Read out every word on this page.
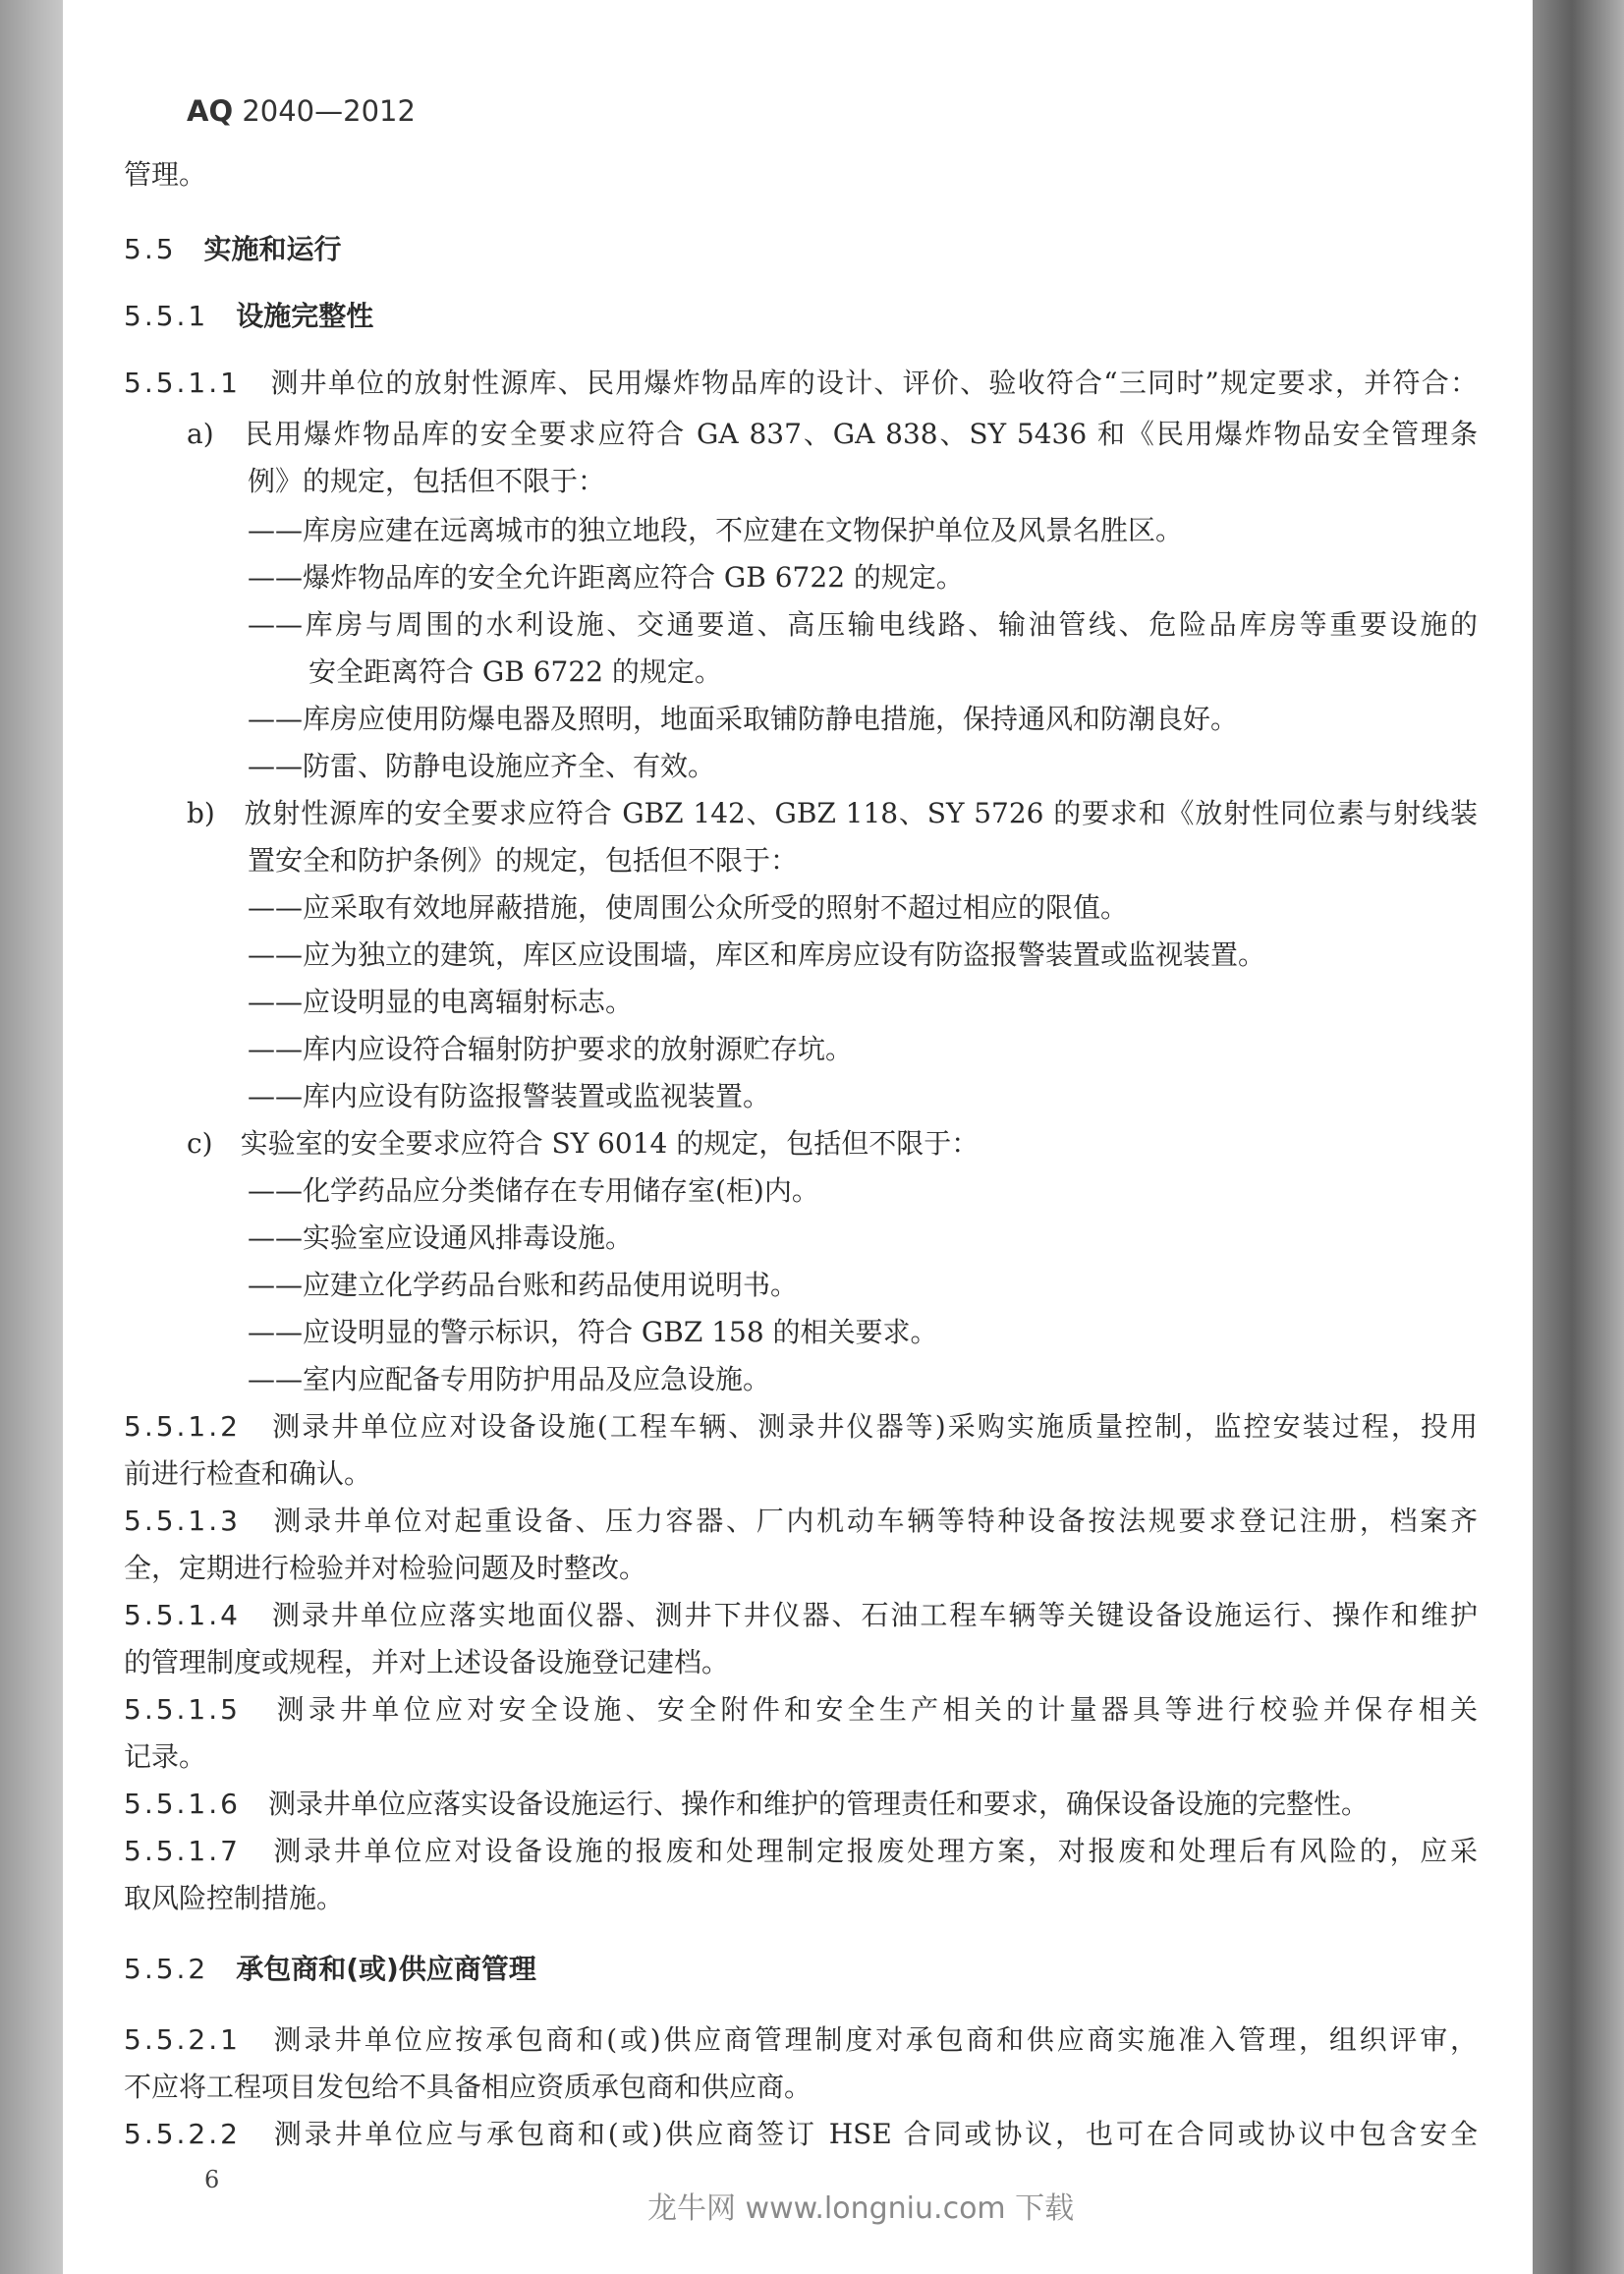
AQ 2040—2012
管理。
5.5　实施和运行
5.5.1　设施完整性
5.5.1.1　测井单位的放射性源库、民用爆炸物品库的设计、评价、验收符合“三同时”规定要求，并符合：
a)　民用爆炸物品库的安全要求应符合 GA 837、GA 838、SY 5436 和《民用爆炸物品安全管理条
例》的规定，包括但不限于：
——库房应建在远离城市的独立地段，不应建在文物保护单位及风景名胜区。
——爆炸物品库的安全允许距离应符合 GB 6722 的规定。
——库房与周围的水利设施、交通要道、高压输电线路、输油管线、危险品库房等重要设施的
安全距离符合 GB 6722 的规定。
——库房应使用防爆电器及照明，地面采取铺防静电措施，保持通风和防潮良好。
——防雷、防静电设施应齐全、有效。
b)　放射性源库的安全要求应符合 GBZ 142、GBZ 118、SY 5726 的要求和《放射性同位素与射线装
置安全和防护条例》的规定，包括但不限于：
——应采取有效地屏蔽措施，使周围公众所受的照射不超过相应的限值。
——应为独立的建筑，库区应设围墙，库区和库房应设有防盗报警装置或监视装置。
——应设明显的电离辐射标志。
——库内应设符合辐射防护要求的放射源贮存坑。
——库内应设有防盗报警装置或监视装置。
c)　实验室的安全要求应符合 SY 6014 的规定，包括但不限于：
——化学药品应分类储存在专用储存室(柜)内。
——实验室应设通风排毒设施。
——应建立化学药品台账和药品使用说明书。
——应设明显的警示标识，符合 GBZ 158 的相关要求。
——室内应配备专用防护用品及应急设施。
5.5.1.2　测录井单位应对设备设施(工程车辆、测录井仪器等)采购实施质量控制，监控安装过程，投用
前进行检查和确认。
5.5.1.3　测录井单位对起重设备、压力容器、厂内机动车辆等特种设备按法规要求登记注册，档案齐
全，定期进行检验并对检验问题及时整改。
5.5.1.4　测录井单位应落实地面仪器、测井下井仪器、石油工程车辆等关键设备设施运行、操作和维护
的管理制度或规程，并对上述设备设施登记建档。
5.5.1.5　测录井单位应对安全设施、安全附件和安全生产相关的计量器具等进行校验并保存相关
记录。
5.5.1.6　测录井单位应落实设备设施运行、操作和维护的管理责任和要求，确保设备设施的完整性。
5.5.1.7　测录井单位应对设备设施的报废和处理制定报废处理方案，对报废和处理后有风险的，应采
取风险控制措施。
5.5.2　承包商和(或)供应商管理
5.5.2.1　测录井单位应按承包商和(或)供应商管理制度对承包商和供应商实施准入管理，组织评审，
不应将工程项目发包给不具备相应资质承包商和供应商。
5.5.2.2　测录井单位应与承包商和(或)供应商签订 HSE 合同或协议，也可在合同或协议中包含安全
6
龙牛网 www.longniu.com 下载
